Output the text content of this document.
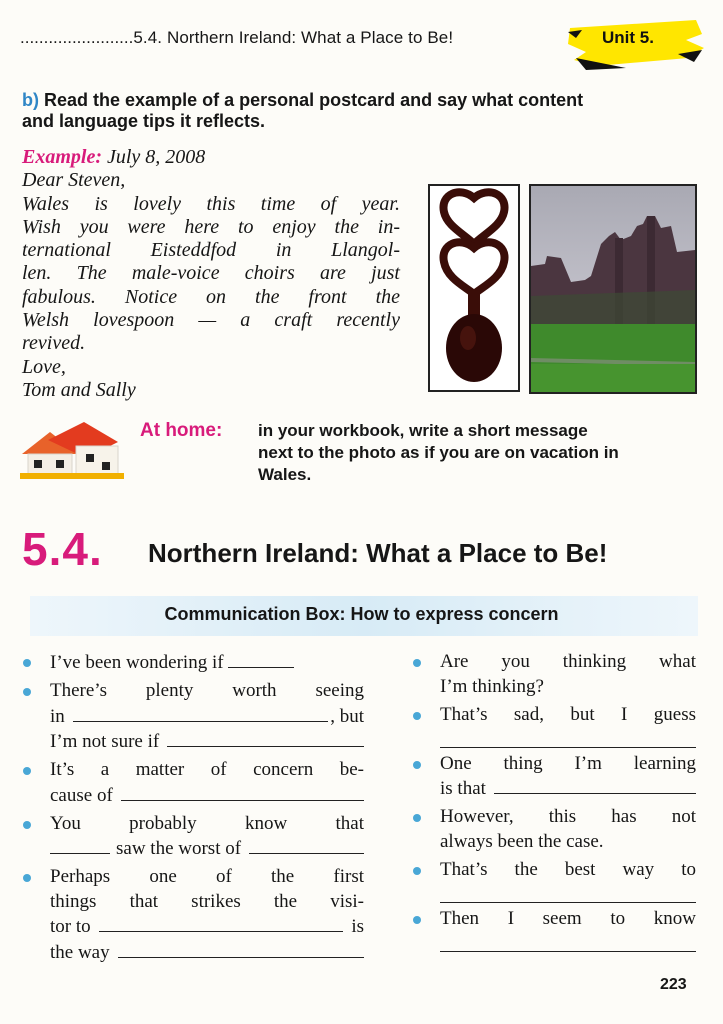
........................5.4. Northern Ireland: What a Place to Be!	Unit 5.
b) Read the example of a personal postcard and say what content
and language tips it reflects.
Example: July 8, 2008
Dear Steven,
Wales is lovely this time of year.
Wish you were here to enjoy the in-
ternational Eisteddfod in Llangol-
len. The male-voice choirs are just
fabulous. Notice on the front the
Welsh lovespoon — a craft recently
revived.
Love,
Tom and Sally
At home: in your workbook, write a short message
next to the photo as if you are on vacation in
Wales.
5.4. Northern Ireland: What a Place to Be!
Communication Box: How to express concern
I’ve been wondering if
There’s plenty worth seeing
in	, but
I’m not sure if
It’s a matter of concern be-
cause of
You probably know that
saw the worst of
Perhaps one of the first
things that strikes the visi-
tor to	is
the way
Are you thinking what
I’m thinking?
That’s sad, but I guess
One thing I’m learning
is that
However, this has not
always been the case.
That’s the best way to
Then I seem to know
223
